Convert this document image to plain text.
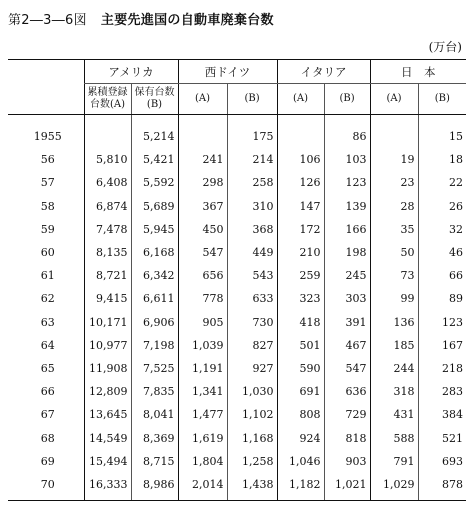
第2―3―6図 主要先進国の自動車廃棄台数
(万台)
	アメリカ		西ドイツ		イタリア		日　本	
	累積登録台数(A)	保有台数(B)	(A)	(B)	(A)	(B)	(A)	(B)
1955		5,214		175		86		15
56	5,810	5,421	241	214	106	103	19	18
57	6,408	5,592	298	258	126	123	23	22
58	6,874	5,689	367	310	147	139	28	26
59	7,478	5,945	450	368	172	166	35	32
60	8,135	6,168	547	449	210	198	50	46
61	8,721	6,342	656	543	259	245	73	66
62	9,415	6,611	778	633	323	303	99	89
63	10,171	6,906	905	730	418	391	136	123
64	10,977	7,198	1,039	827	501	467	185	167
65	11,908	7,525	1,191	927	590	547	244	218
66	12,809	7,835	1,341	1,030	691	636	318	283
67	13,645	8,041	1,477	1,102	808	729	431	384
68	14,549	8,369	1,619	1,168	924	818	588	521
69	15,494	8,715	1,804	1,258	1,046	903	791	693
70	16,333	8,986	2,014	1,438	1,182	1,021	1,029	878
